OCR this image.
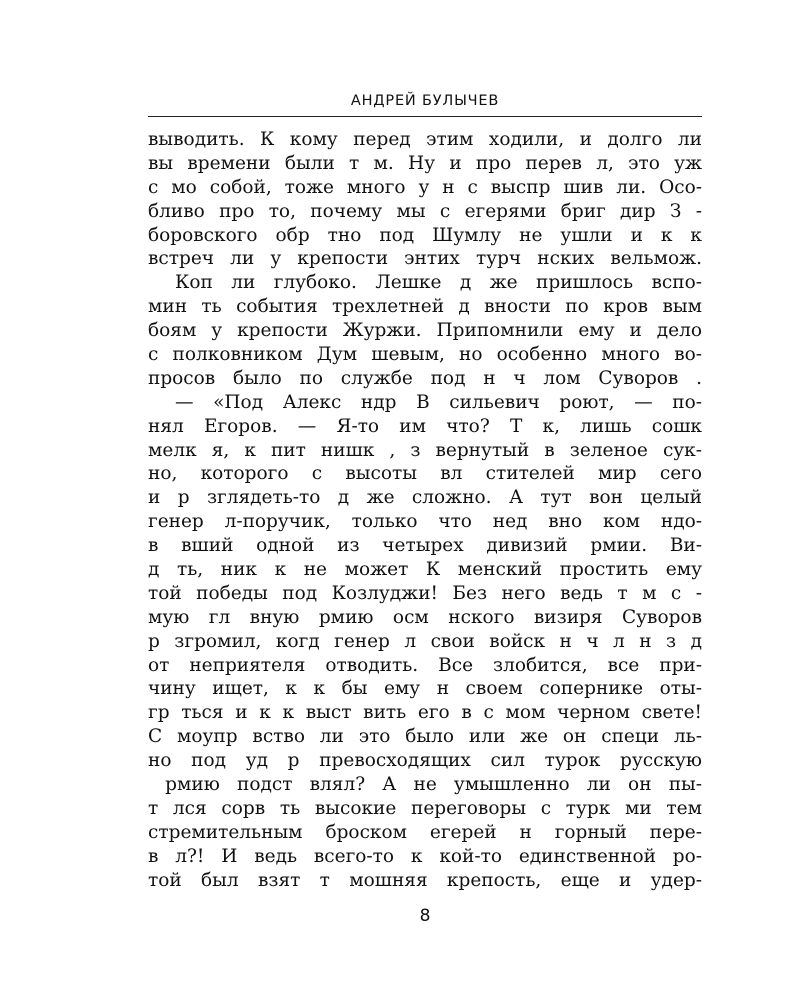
АНДРЕЙ БУЛЫЧЕВ
выводить. К кому перед этим ходили, и долго ли
вы времени были т м. Ну и про перев л, это уж
с мо собой, тоже много у н с выспр шив ли. Осо-
бливо про то, почему мы с егерями бриг дир З -
боровского обр тно под Шумлу не ушли и к к
встреч ли у крепости энтих турч нских вельмож.
Коп ли глубоко. Лешке д же пришлось вспо-
мин ть события трехлетней д вности по кров вым
боям у крепости Журжи. Припомнили ему и дело
с полковником Дум шевым, но особенно много во-
просов было по службе под н ч лом Суворов .
— «Под Алекс ндр В сильевич роют, — по-
нял Егоров. — Я-то им что? Т к, лишь сошк
мелк я, к пит нишк , з вернутый в зеленое сук-
но, которого с высоты вл стителей мир сего
и р зглядеть-то д же сложно. А тут вон целый
генер л-поручик, только что нед вно ком ндо-
в вший одной из четырех дивизий рмии. Ви-
д ть, ник к не может К менский простить ему
той победы под Козлуджи! Без него ведь т м с -
мую гл вную рмию осм нского визиря Суворов
р згромил, когд генер л свои войск н ч л н з д
от неприятеля отводить. Все злобится, все при-
чину ищет, к к бы ему н своем сопернике оты-
гр ться и к к выст вить его в с мом черном свете!
С моупр вство ли это было или же он специ ль-
но под уд р превосходящих сил турок русскую
рмию подст влял? А не умышленно ли он пы-
т лся сорв ть высокие переговоры с турк ми тем
стремительным броском егерей н горный пере-
в л?! И ведь всего-то к кой-то единственной ро-
той был взят т мошняя крепость, еще и удер-
8
